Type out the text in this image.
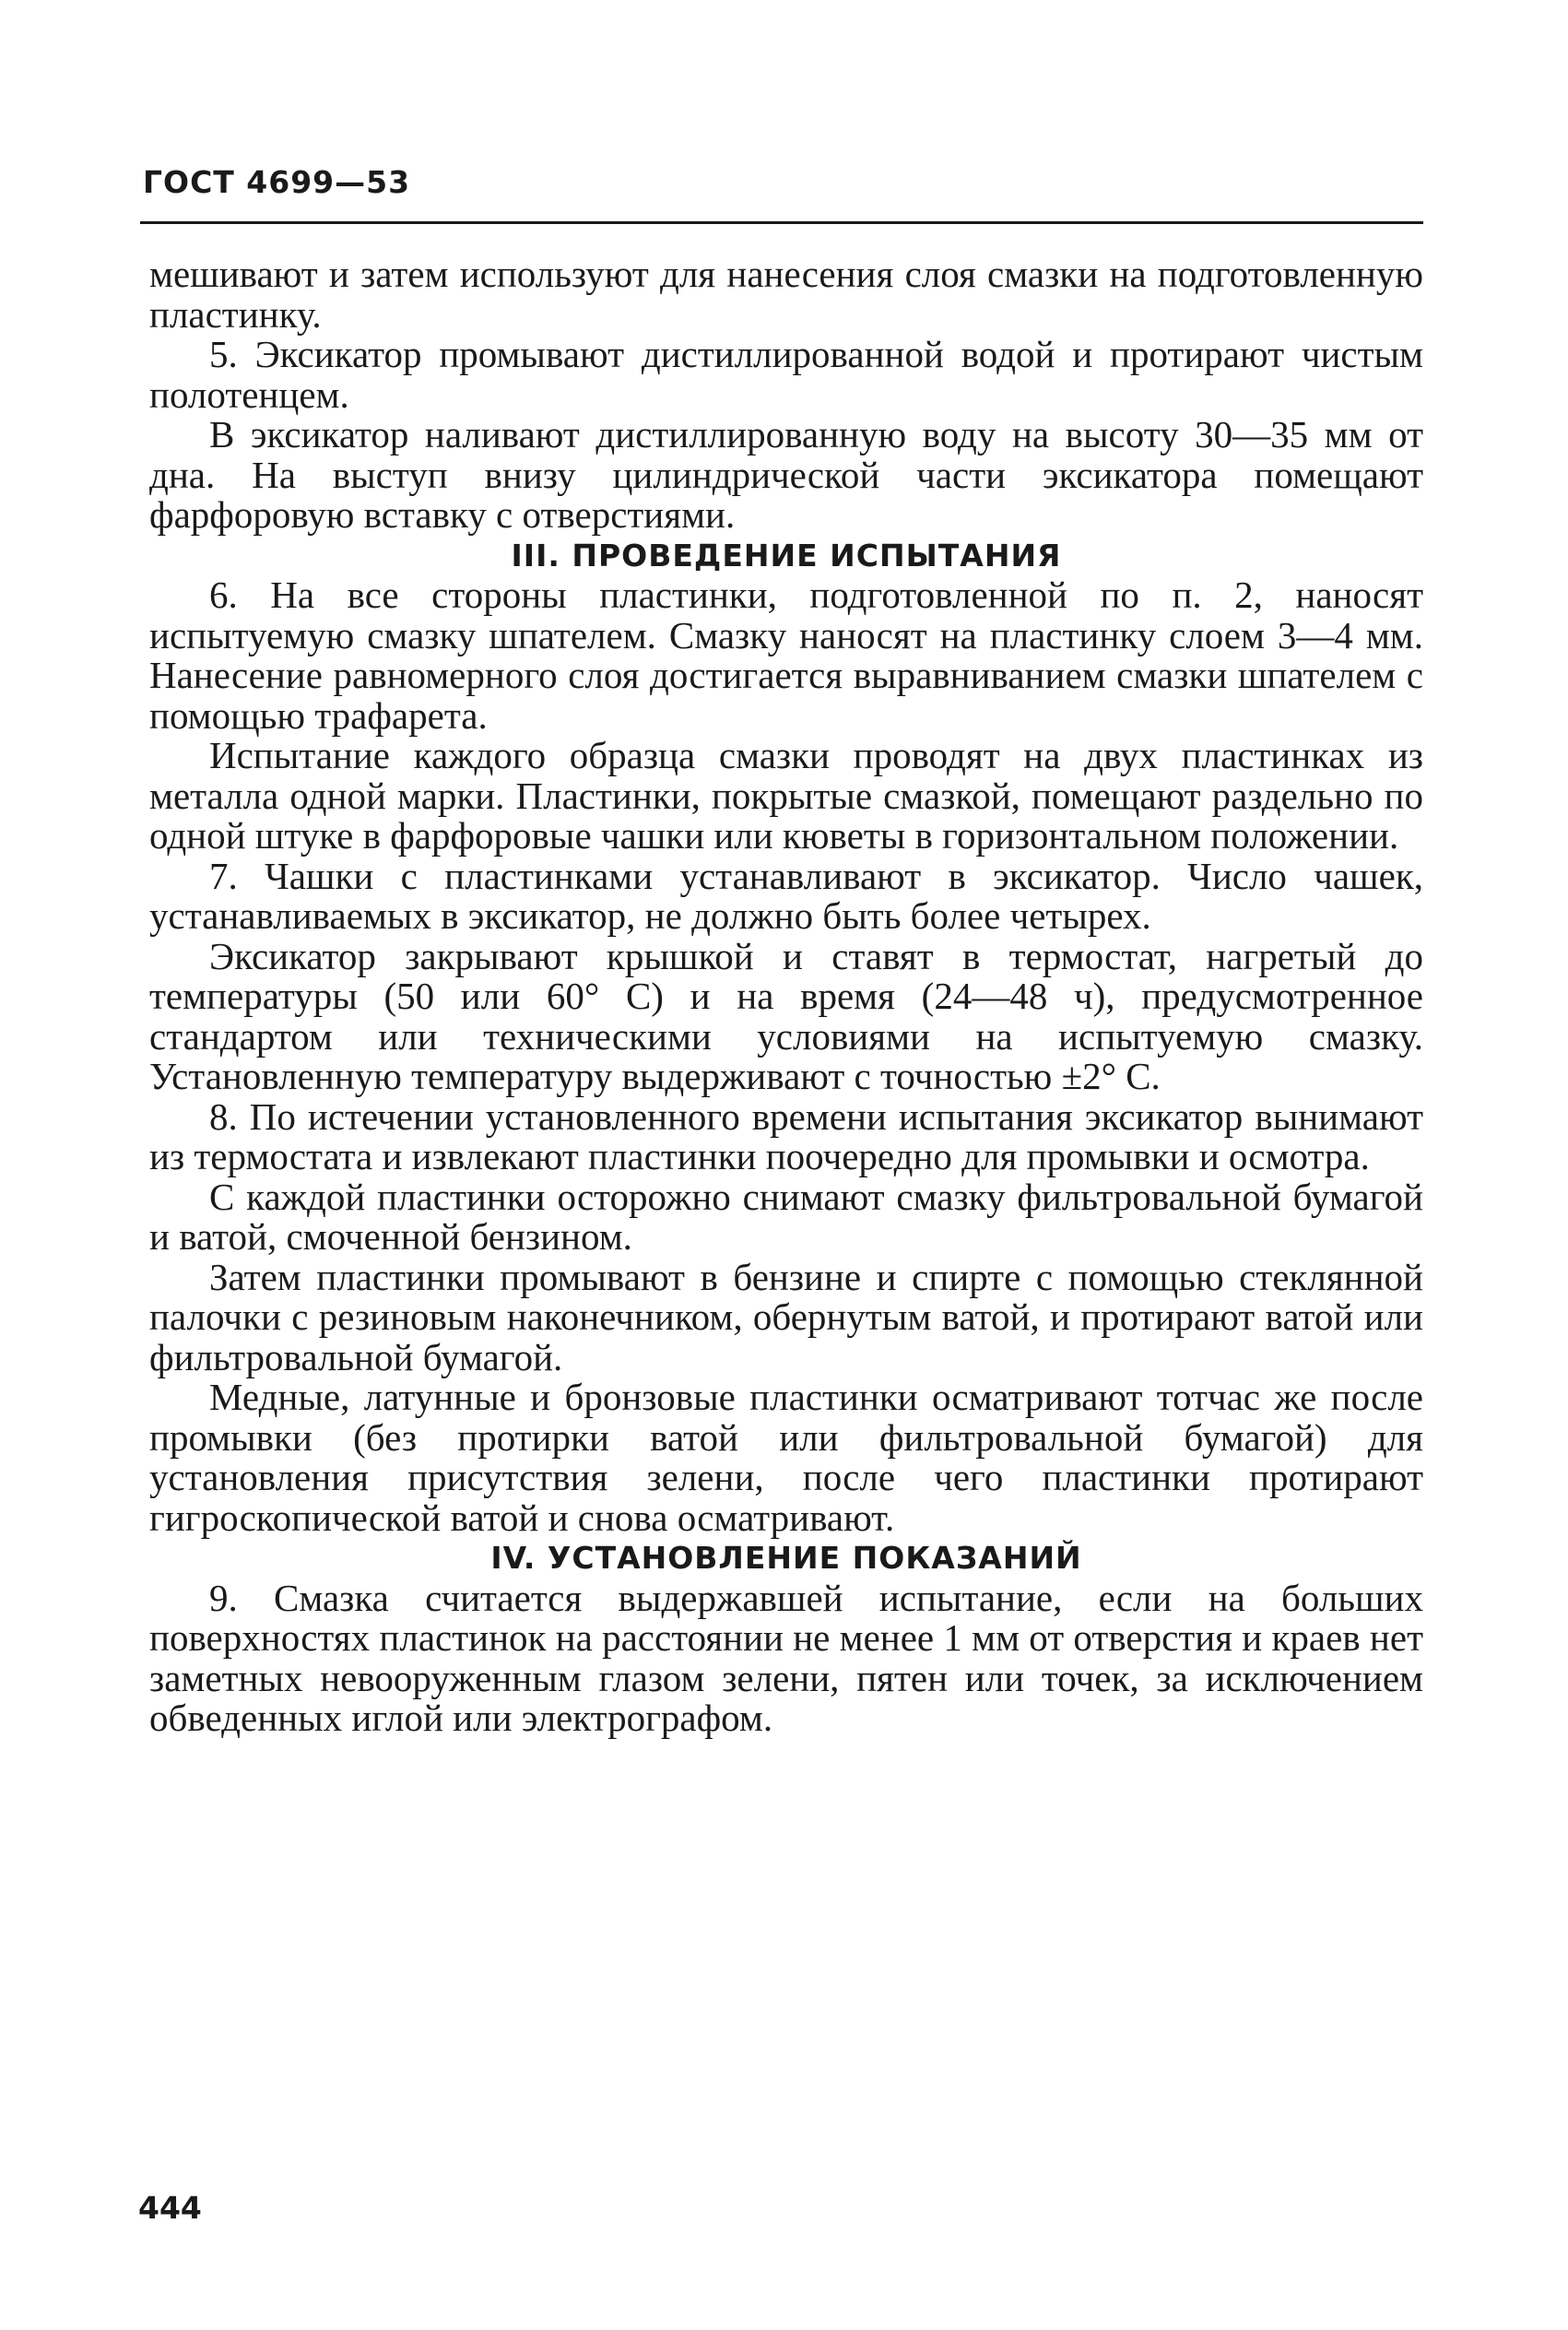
ГОСТ 4699—53

мешивают и затем используют для нанесения слоя смазки на подготовленную пластинку.

5. Эксикатор промывают дистиллированной водой и протирают чистым полотенцем.

В эксикатор наливают дистиллированную воду на высоту 30—35 мм от дна. На выступ внизу цилиндрической части эксикатора помещают фарфоровую вставку с отверстиями.

III. ПРОВЕДЕНИЕ ИСПЫТАНИЯ

6. На все стороны пластинки, подготовленной по п. 2, наносят испытуемую смазку шпателем. Смазку наносят на пластинку слоем 3—4 мм. Нанесение равномерного слоя достигается выравниванием смазки шпателем с помощью трафарета.

Испытание каждого образца смазки проводят на двух пластинках из металла одной марки. Пластинки, покрытые смазкой, помещают раздельно по одной штуке в фарфоровые чашки или кюветы в горизонтальном положении.

7. Чашки с пластинками устанавливают в эксикатор. Число чашек, устанавливаемых в эксикатор, не должно быть более четырех.

Эксикатор закрывают крышкой и ставят в термостат, нагретый до температуры (50 или 60° С) и на время (24—48 ч), предусмотренное стандартом или техническими условиями на испытуемую смазку. Установленную температуру выдерживают с точностью ±2° С.

8. По истечении установленного времени испытания эксикатор вынимают из термостата и извлекают пластинки поочередно для промывки и осмотра.

С каждой пластинки осторожно снимают смазку фильтровальной бумагой и ватой, смоченной бензином.

Затем пластинки промывают в бензине и спирте с помощью стеклянной палочки с резиновым наконечником, обернутым ватой, и протирают ватой или фильтровальной бумагой.

Медные, латунные и бронзовые пластинки осматривают тотчас же после промывки (без протирки ватой или фильтровальной бумагой) для установления присутствия зелени, после чего пластинки протирают гигроскопической ватой и снова осматривают.

IV. УСТАНОВЛЕНИЕ ПОКАЗАНИЙ

9. Смазка считается выдержавшей испытание, если на больших поверхностях пластинок на расстоянии не менее 1 мм от отверстия и краев нет заметных невооруженным глазом зелени, пятен или точек, за исключением обведенных иглой или электрографом.

444
